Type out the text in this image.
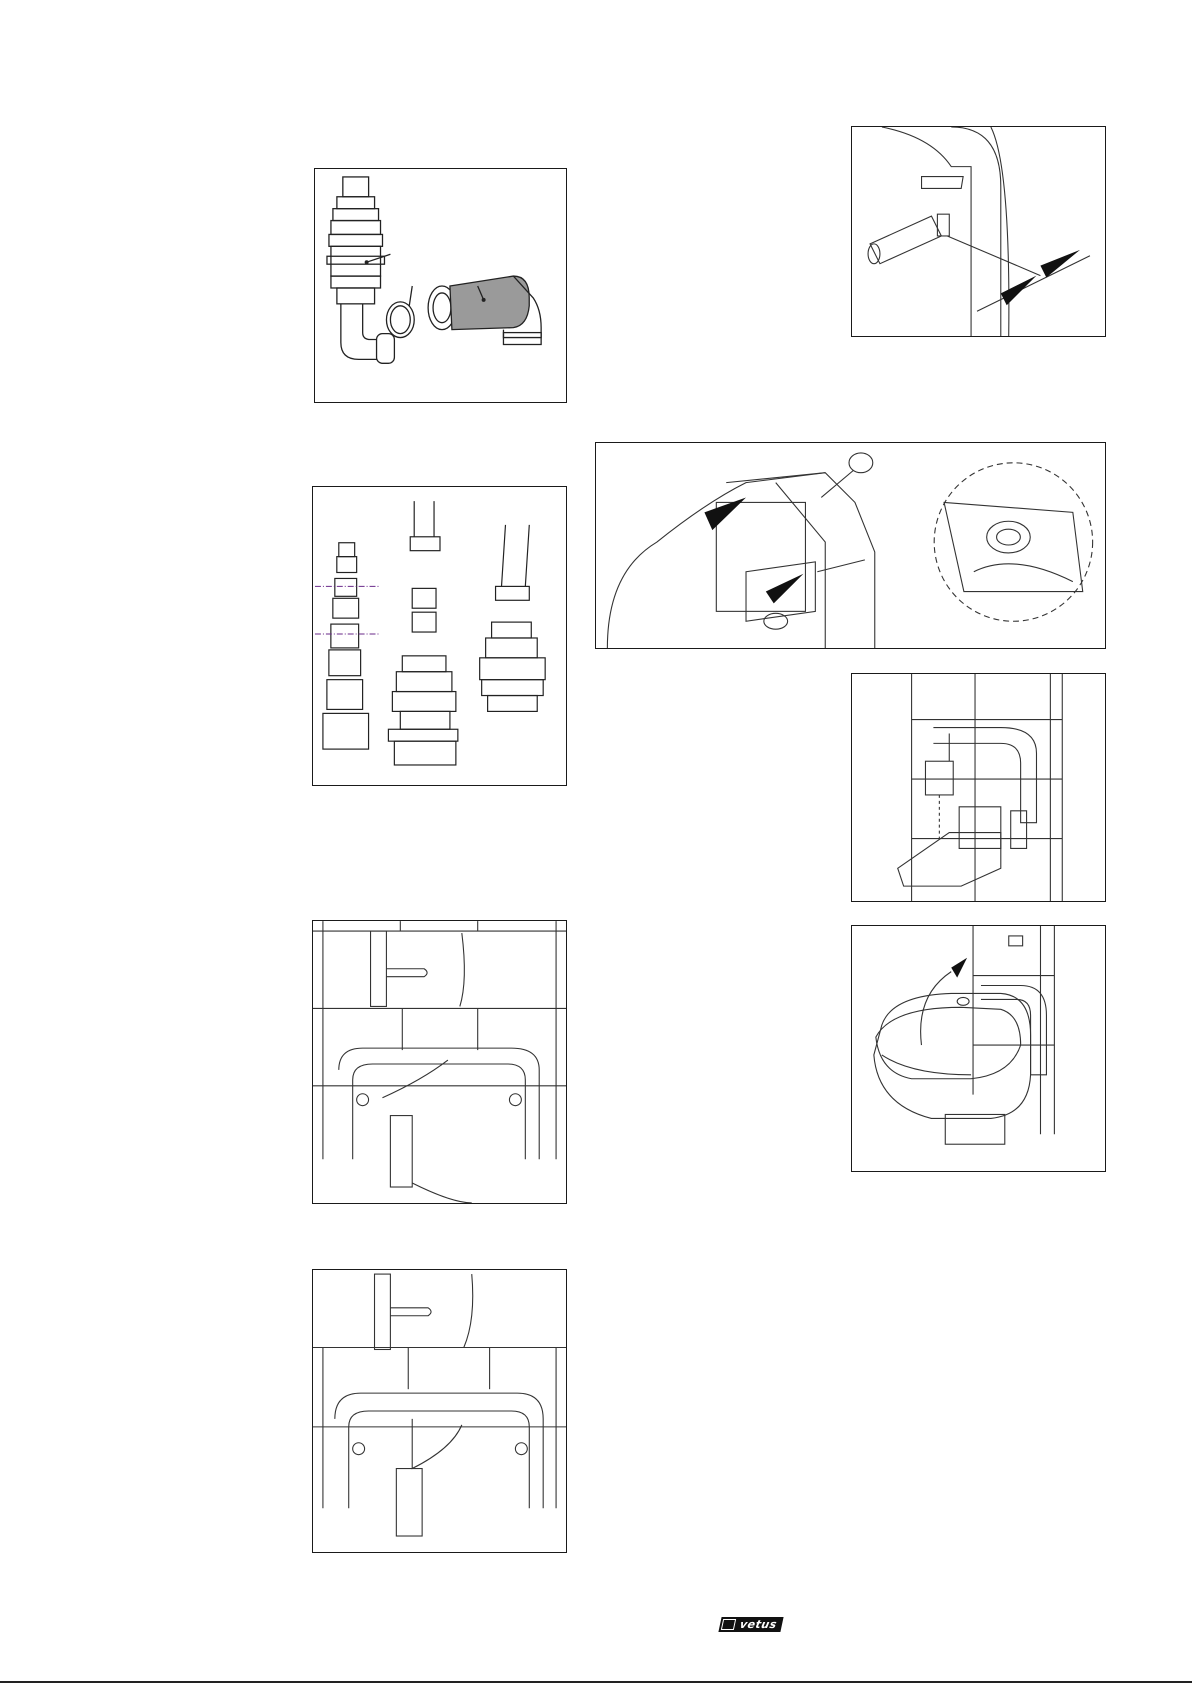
vetus
